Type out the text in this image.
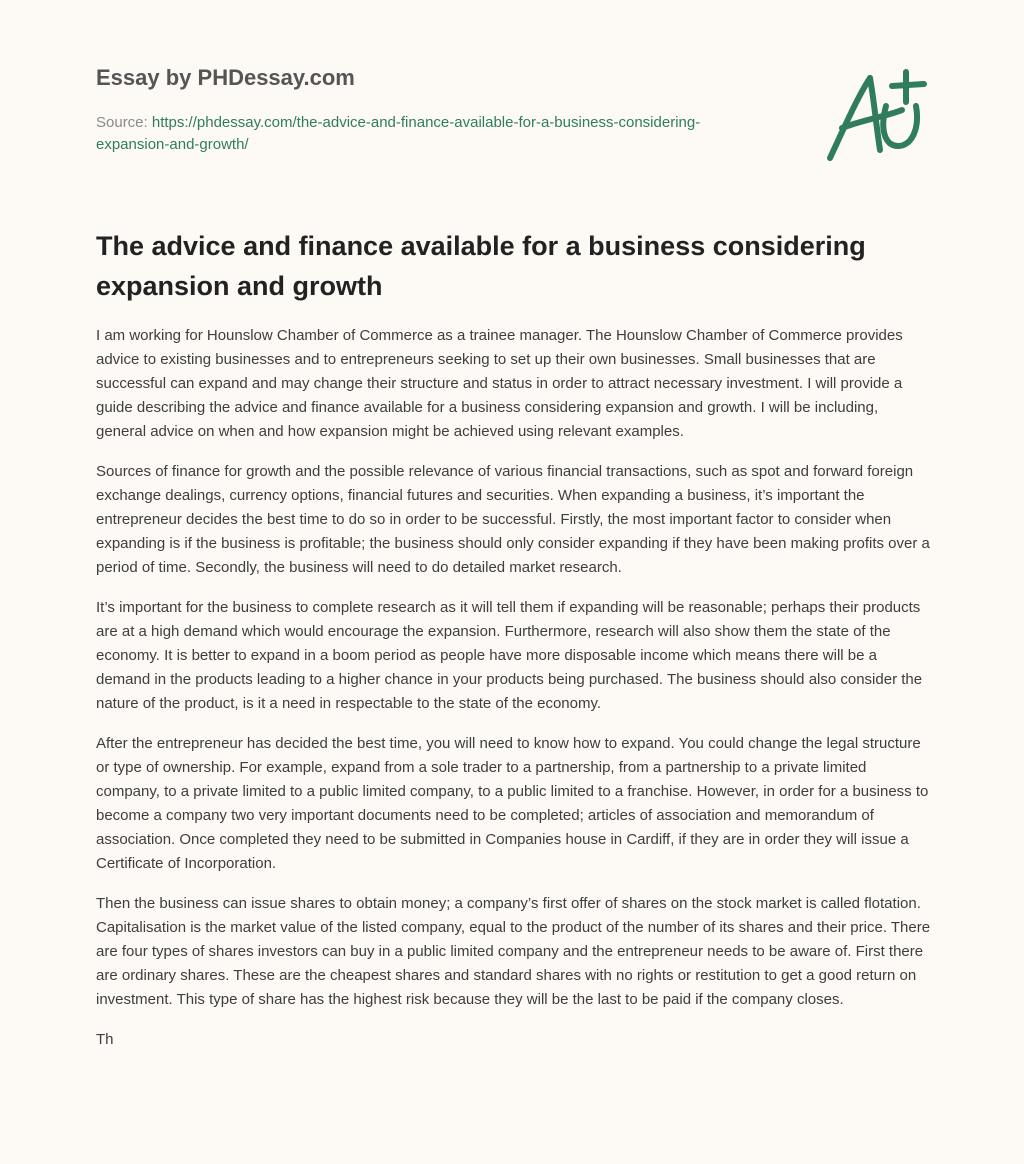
Essay by PHDessay.com

Source: https://phdessay.com/the-advice-and-finance-available-for-a-business-considering-expansion-and-growth/

The advice and finance available for a business considering expansion and growth

I am working for Hounslow Chamber of Commerce as a trainee manager. The Hounslow Chamber of Commerce provides advice to existing businesses and to entrepreneurs seeking to set up their own businesses. Small businesses that are successful can expand and may change their structure and status in order to attract necessary investment. I will provide a guide describing the advice and finance available for a business considering expansion and growth. I will be including, general advice on when and how expansion might be achieved using relevant examples.

Sources of finance for growth and the possible relevance of various financial transactions, such as spot and forward foreign exchange dealings, currency options, financial futures and securities. When expanding a business, it’s important the entrepreneur decides the best time to do so in order to be successful. Firstly, the most important factor to consider when expanding is if the business is profitable; the business should only consider expanding if they have been making profits over a period of time. Secondly, the business will need to do detailed market research.

It’s important for the business to complete research as it will tell them if expanding will be reasonable; perhaps their products are at a high demand which would encourage the expansion. Furthermore, research will also show them the state of the economy. It is better to expand in a boom period as people have more disposable income which means there will be a demand in the products leading to a higher chance in your products being purchased. The business should also consider the nature of the product, is it a need in respectable to the state of the economy.

After the entrepreneur has decided the best time, you will need to know how to expand. You could change the legal structure or type of ownership. For example, expand from a sole trader to a partnership, from a partnership to a private limited company, to a private limited to a public limited company, to a public limited to a franchise. However, in order for a business to become a company two very important documents need to be completed; articles of association and memorandum of association. Once completed they need to be submitted in Companies house in Cardiff, if they are in order they will issue a Certificate of Incorporation.

Then the business can issue shares to obtain money; a company’s first offer of shares on the stock market is called flotation. Capitalisation is the market value of the listed company, equal to the product of the number of its shares and their price. There are four types of shares investors can buy in a public limited company and the entrepreneur needs to be aware of. First there are ordinary shares. These are the cheapest shares and standard shares with no rights or restitution to get a good return on investment. This type of share has the highest risk because they will be the last to be paid if the company closes.

Th
